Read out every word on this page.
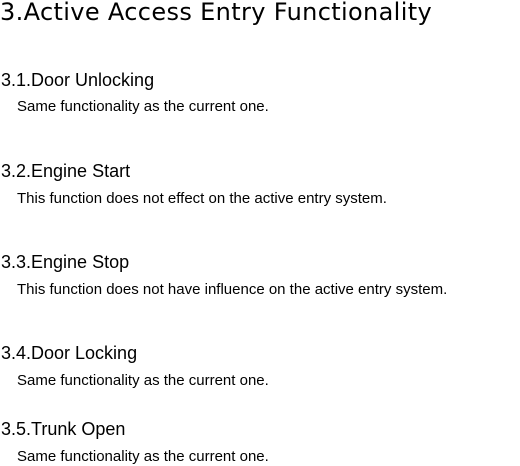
3.Active Access Entry Functionality
3.1.Door Unlocking

Same functionality as the current one.

3.2.Engine Start

This function does not effect on the active entry system.

3.3.Engine Stop

This function does not have influence on the active entry system.

3.4.Door Locking

Same functionality as the current one.

3.5.Trunk Open

Same functionality as the current one.
